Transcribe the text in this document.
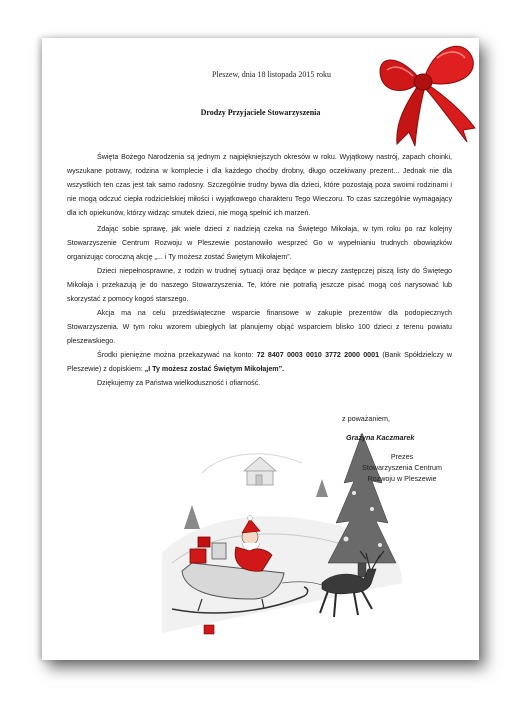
Pleszew, dnia 18 listopada 2015 roku
Drodzy Przyjaciele Stowarzyszenia

Święta Bożego Narodzenia są jednym z najpiękniejszych okresów w roku. Wyjątkowy nastrój, zapach choinki, wyszukane potrawy, rodzina w komplecie i dla każdego choćby drobny, długo oczekiwany prezent... Jednak nie dla wszystkich ten czas jest tak samo radosny. Szczególnie trudny bywa dla dzieci, które pozostają poza swoimi rodzinami i nie mogą odczuć ciepła rodzicielskiej miłości i wyjątkowego charakteru Tego Wieczoru. To czas szczególnie wymagający dla ich opiekunów, którzy widząc smutek dzieci, nie mogą spełnić ich marzeń.

Zdając sobie sprawę, jak wiele dzieci z nadzieją czeka na Świętego Mikołaja, w tym roku po raz kolejny Stowarzyszenie Centrum Rozwoju w Pleszewie postanowiło wesprzeć Go w wypełnianiu trudnych obowiązków organizując coroczną akcję „... i Ty możesz zostać Świętym Mikołajem”.

Dzieci niepełnosprawne, z rodzin w trudnej sytuacji oraz będące w pieczy zastępczej piszą listy do Świętego Mikołaja i przekazują je do naszego Stowarzyszenia. Te, które nie potrafią jeszcze pisać mogą coś narysować lub skorzystać z pomocy kogoś starszego.

Akcja ma na celu przedświąteczne wsparcie finansowe w zakupie prezentów dla podopiecznych Stowarzyszenia. W tym roku wzorem ubiegłych lat planujemy objąć wsparciem blisko 100 dzieci z terenu powiatu pleszewskiego.

Środki pieniężne można przekazywać na konto: 72 8407 0003 0010 3772 2000 0001 (Bank Spółdzielczy w Pleszewie) z dopiskiem: „I Ty możesz zostać Świętym Mikołajem”.

Dziękujemy za Państwa wielkoduszność i ofiarność.

z poważaniem,
Grażyna Kaczmarek
Prezes
Stowarzyszenia Centrum
Rozwoju w Pleszewie
